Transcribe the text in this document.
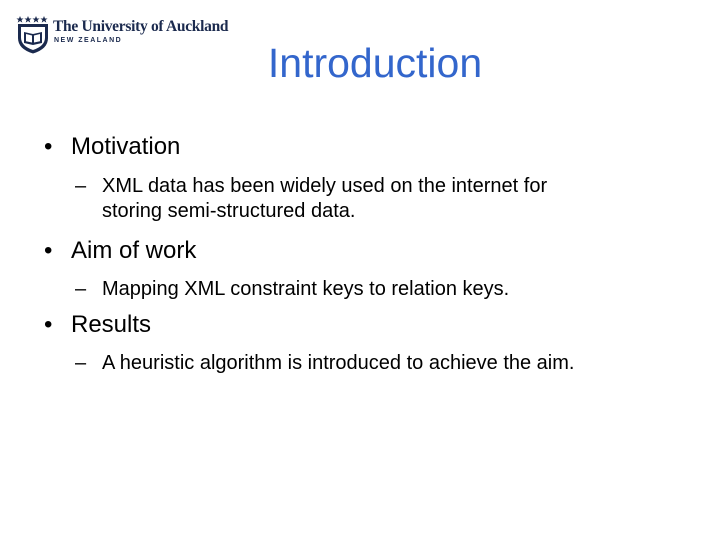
The University of Auckland
NEW ZEALAND	Introduction
• Motivation
– XML data has been widely used on the internet for
storing semi-structured data.
• Aim of work
– Mapping XML constraint keys to relation keys.
• Results
– A heuristic algorithm is introduced to achieve the aim.
